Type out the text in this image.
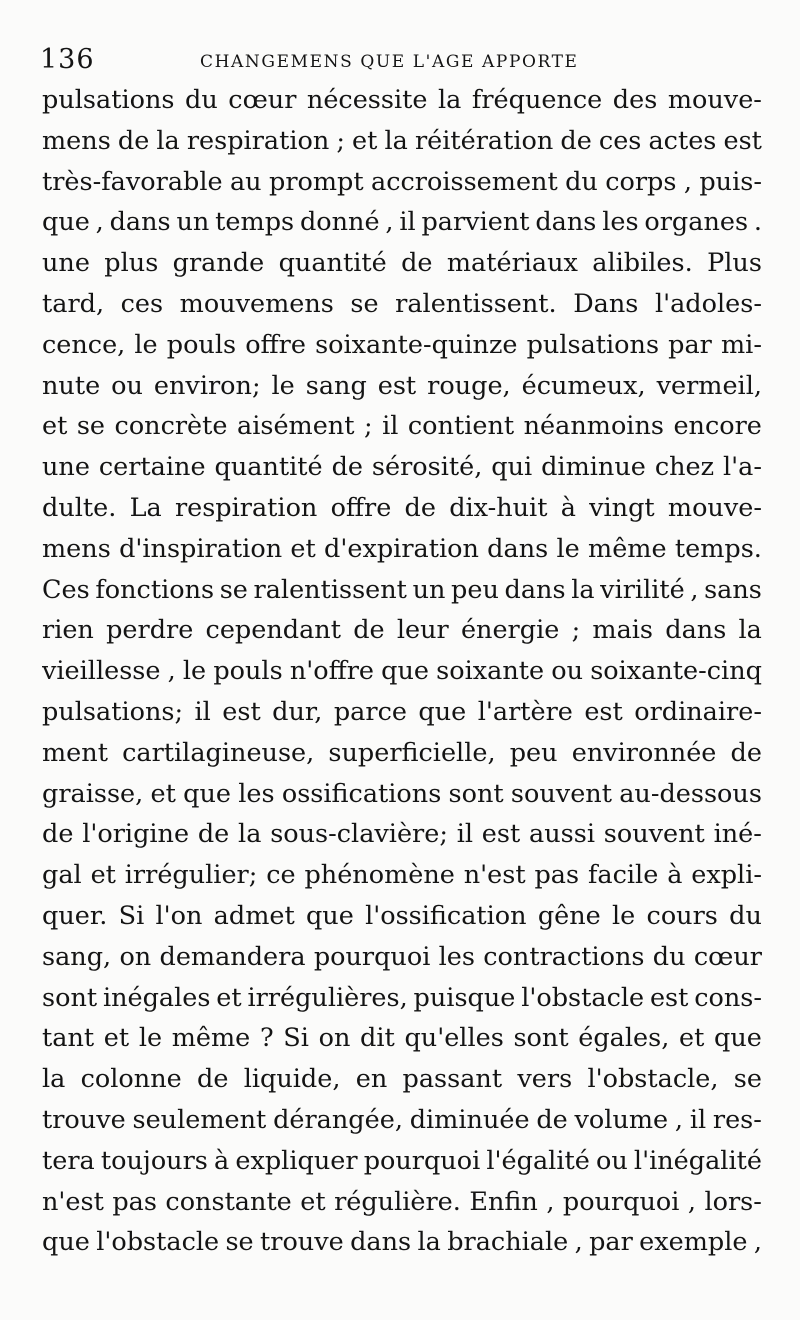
136	CHANGEMENS QUE L'AGE APPORTE
pulsations du cœur nécessite la fréquence des mouve-
mens de la respiration ; et la réitération de ces actes est
très-favorable au prompt accroissement du corps , puis-
que , dans un temps donné , il parvient dans les organes .
une plus grande quantité de matériaux alibiles. Plus
tard, ces mouvemens se ralentissent. Dans l'adoles-
cence, le pouls offre soixante-quinze pulsations par mi-
nute ou environ; le sang est rouge, écumeux, vermeil,
et se concrète aisément ; il contient néanmoins encore
une certaine quantité de sérosité, qui diminue chez l'a-
dulte. La respiration offre de dix-huit à vingt mouve-
mens d'inspiration et d'expiration dans le même temps.
Ces fonctions se ralentissent un peu dans la virilité , sans
rien perdre cependant de leur énergie ; mais dans la
vieillesse , le pouls n'offre que soixante ou soixante-cinq
pulsations; il est dur, parce que l'artère est ordinaire-
ment cartilagineuse, superficielle, peu environnée de
graisse, et que les ossifications sont souvent au-dessous
de l'origine de la sous-clavière; il est aussi souvent iné-
gal et irrégulier; ce phénomène n'est pas facile à expli-
quer. Si l'on admet que l'ossification gêne le cours du
sang, on demandera pourquoi les contractions du cœur
sont inégales et irrégulières, puisque l'obstacle est cons-
tant et le même ? Si on dit qu'elles sont égales, et que
la colonne de liquide, en passant vers l'obstacle, se
trouve seulement dérangée, diminuée de volume , il res-
tera toujours à expliquer pourquoi l'égalité ou l'inégalité
n'est pas constante et régulière. Enfin , pourquoi , lors-
que l'obstacle se trouve dans la brachiale , par exemple ,
